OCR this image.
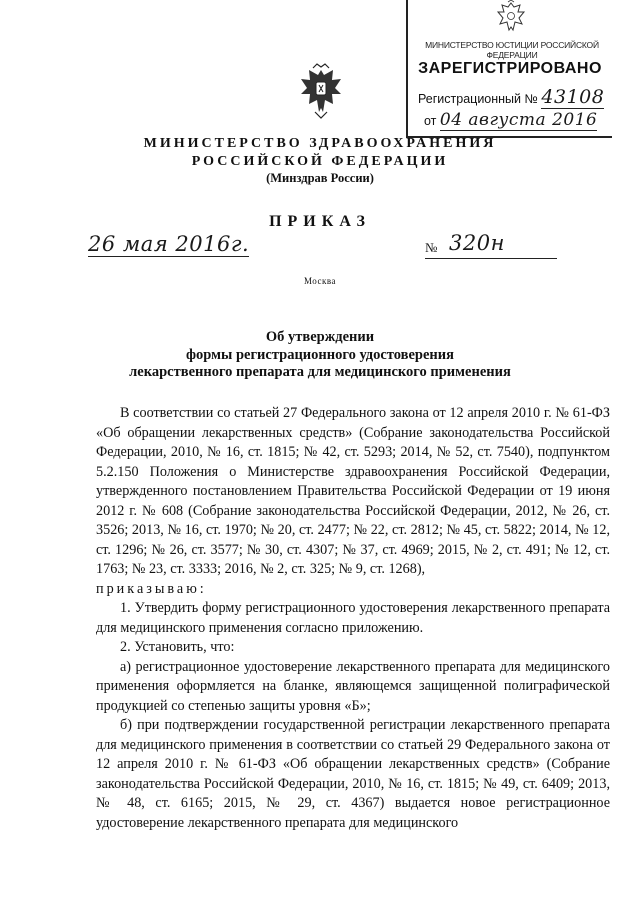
МИНИСТЕРСТВО ЮСТИЦИИ РОССИЙСКОЙ ФЕДЕРАЦИИ
ЗАРЕГИСТРИРОВАНО
Регистрационный № 43108
от 04 августа 2016
МИНИСТЕРСТВО ЗДРАВООХРАНЕНИЯ
РОССИЙСКОЙ ФЕДЕРАЦИИ
(Минздрав России)
ПРИКАЗ
26 мая 2016г.	№ 320н
Москва
Об утверждении
формы регистрационного удостоверения
лекарственного препарата для медицинского применения

В соответствии со статьей 27 Федерального закона от 12 апреля 2010 г. № 61-ФЗ «Об обращении лекарственных средств» (Собрание законодательства Российской Федерации, 2010, № 16, ст. 1815; № 42, ст. 5293; 2014, № 52, ст. 7540), подпунктом 5.2.150 Положения о Министерстве здравоохранения Российской Федерации, утвержденного постановлением Правительства Российской Федерации от 19 июня 2012 г. № 608 (Собрание законодательства Российской Федерации, 2012, № 26, ст. 3526; 2013, № 16, ст. 1970; № 20, ст. 2477; № 22, ст. 2812; № 45, ст. 5822; 2014, № 12, ст. 1296; № 26, ст. 3577; № 30, ст. 4307; № 37, ст. 4969; 2015, № 2, ст. 491; № 12, ст. 1763; № 23, ст. 3333; 2016, № 2, ст. 325; № 9, ст. 1268),

приказываю:

1. Утвердить форму регистрационного удостоверения лекарственного препарата для медицинского применения согласно приложению.

2. Установить, что:

а) регистрационное удостоверение лекарственного препарата для медицинского применения оформляется на бланке, являющемся защищенной полиграфической продукцией со степенью защиты уровня «Б»;

б) при подтверждении государственной регистрации лекарственного препарата для медицинского применения в соответствии со статьей 29 Федерального закона от 12 апреля 2010 г. № 61-ФЗ «Об обращении лекарственных средств» (Собрание законодательства Российской Федерации, 2010, № 16, ст. 1815; № 49, ст. 6409; 2013, № 48, ст. 6165; 2015, № 29, ст. 4367) выдается новое регистрационное удостоверение лекарственного препарата для медицинского
